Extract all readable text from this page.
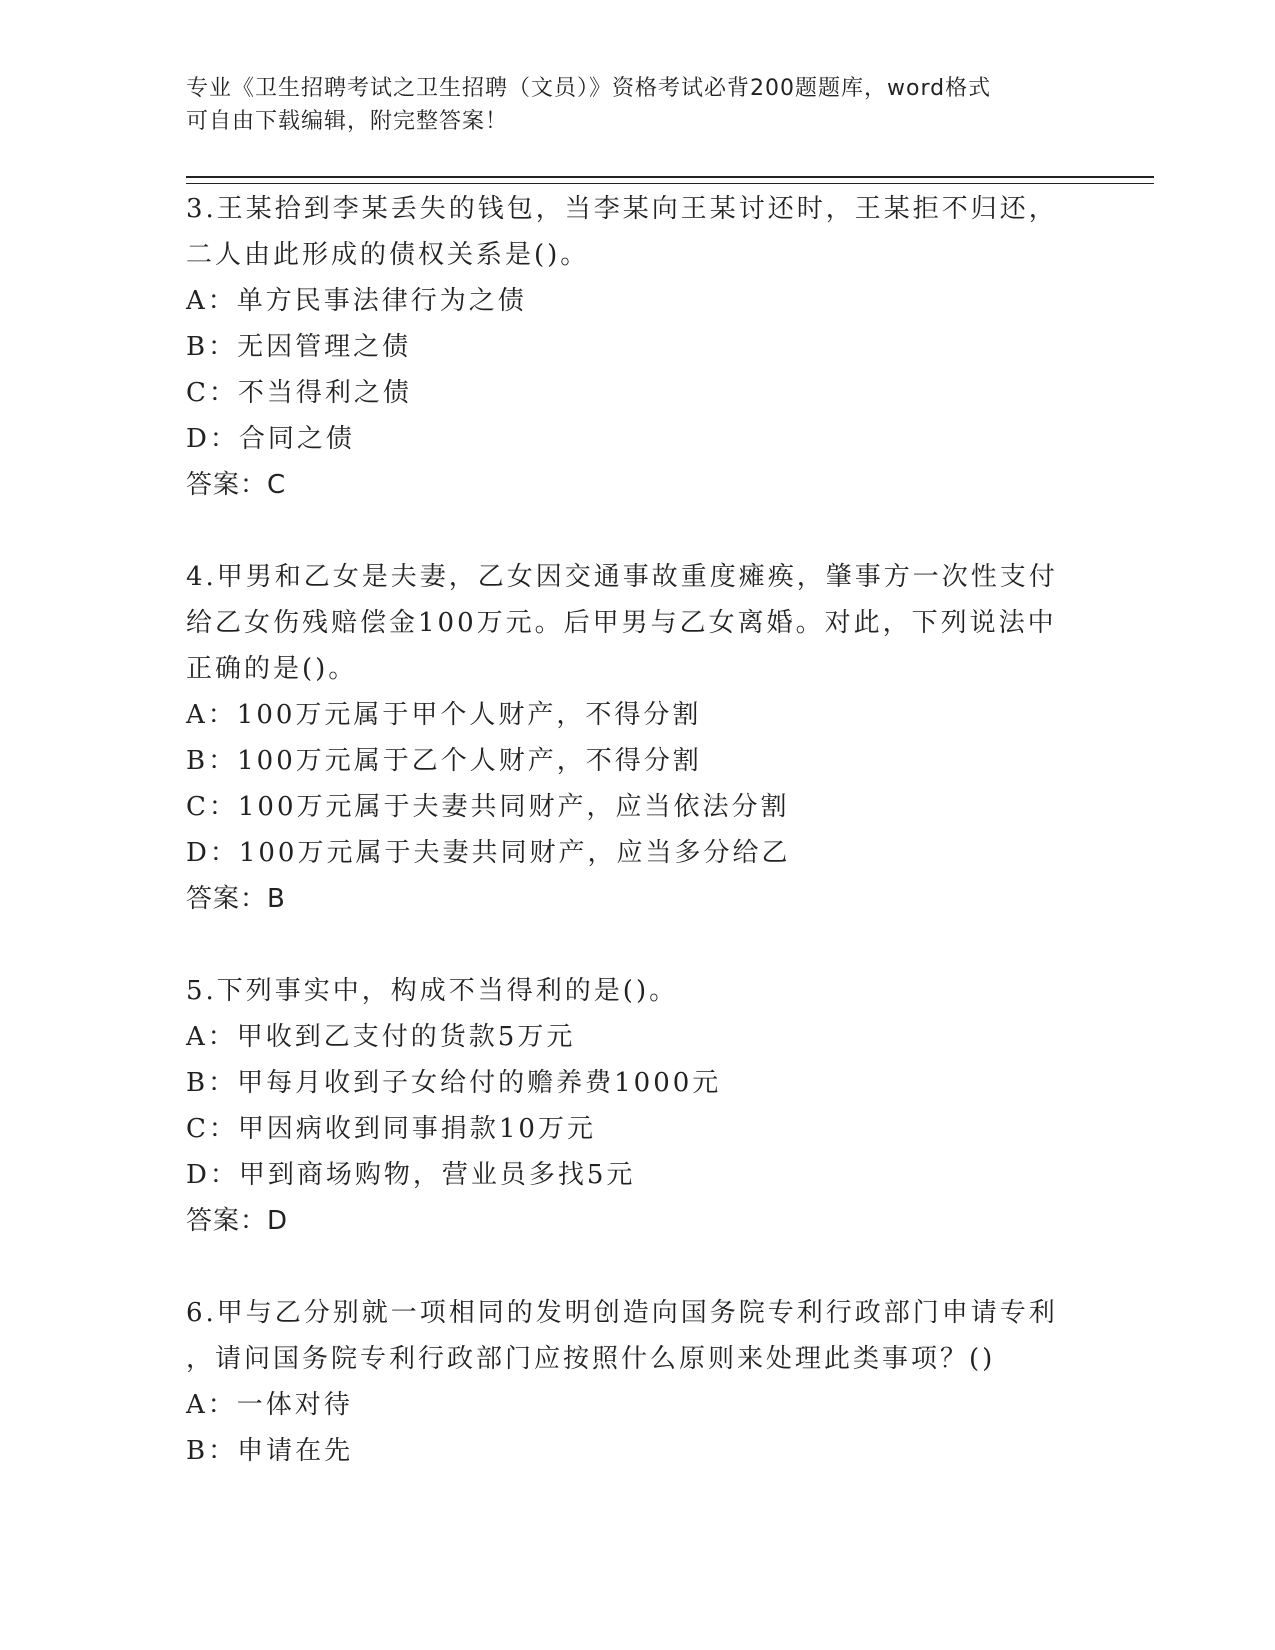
专业《卫生招聘考试之卫生招聘（文员）》资格考试必背200题题库，word格式
可自由下载编辑，附完整答案！
3.王某拾到李某丢失的钱包，当李某向王某讨还时，王某拒不归还，
二人由此形成的债权关系是()。
A：单方民事法律行为之债
B：无因管理之债
C：不当得利之债
D：合同之债
答案：C
4.甲男和乙女是夫妻，乙女因交通事故重度瘫痪，肇事方一次性支付
给乙女伤残赔偿金100万元。后甲男与乙女离婚。对此，下列说法中
正确的是()。
A：100万元属于甲个人财产，不得分割
B：100万元属于乙个人财产，不得分割
C：100万元属于夫妻共同财产，应当依法分割
D：100万元属于夫妻共同财产，应当多分给乙
答案：B
5.下列事实中，构成不当得利的是()。
A：甲收到乙支付的货款5万元
B：甲每月收到子女给付的赡养费1000元
C：甲因病收到同事捐款10万元
D：甲到商场购物，营业员多找5元
答案：D
6.甲与乙分别就一项相同的发明创造向国务院专利行政部门申请专利
，请问国务院专利行政部门应按照什么原则来处理此类事项？()
A：一体对待
B：申请在先
